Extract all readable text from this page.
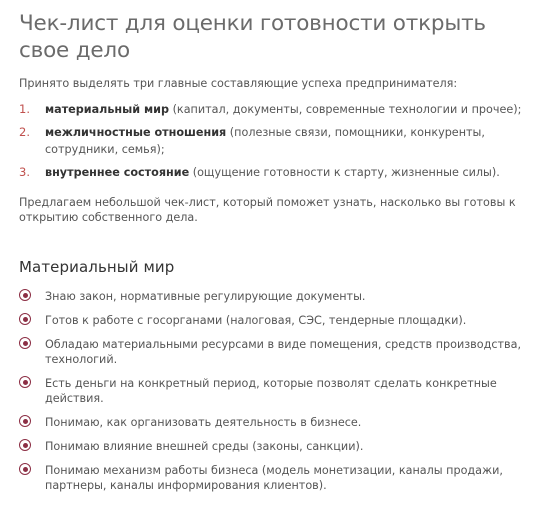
Чек-лист для оценки готовности открыть свое дело
Принято выделять три главные составляющие успеха предпринимателя:
1. материальный мир (капитал, документы, современные технологии и прочее);
2. межличностные отношения (полезные связи, помощники, конкуренты, сотрудники, семья);
3. внутреннее состояние (ощущение готовности к старту, жизненные силы).
Предлагаем небольшой чек-лист, который поможет узнать, насколько вы готовы к открытию собственного дела.
Материальный мир
Знаю закон, нормативные регулирующие документы.
Готов к работе с госорганами (налоговая, СЭС, тендерные площадки).
Обладаю материальными ресурсами в виде помещения, средств производства, технологий.
Есть деньги на конкретный период, которые позволят сделать конкретные действия.
Понимаю, как организовать деятельность в бизнесе.
Понимаю влияние внешней среды (законы, санкции).
Понимаю механизм работы бизнеса (модель монетизации, каналы продажи, партнеры, каналы информирования клиентов).
